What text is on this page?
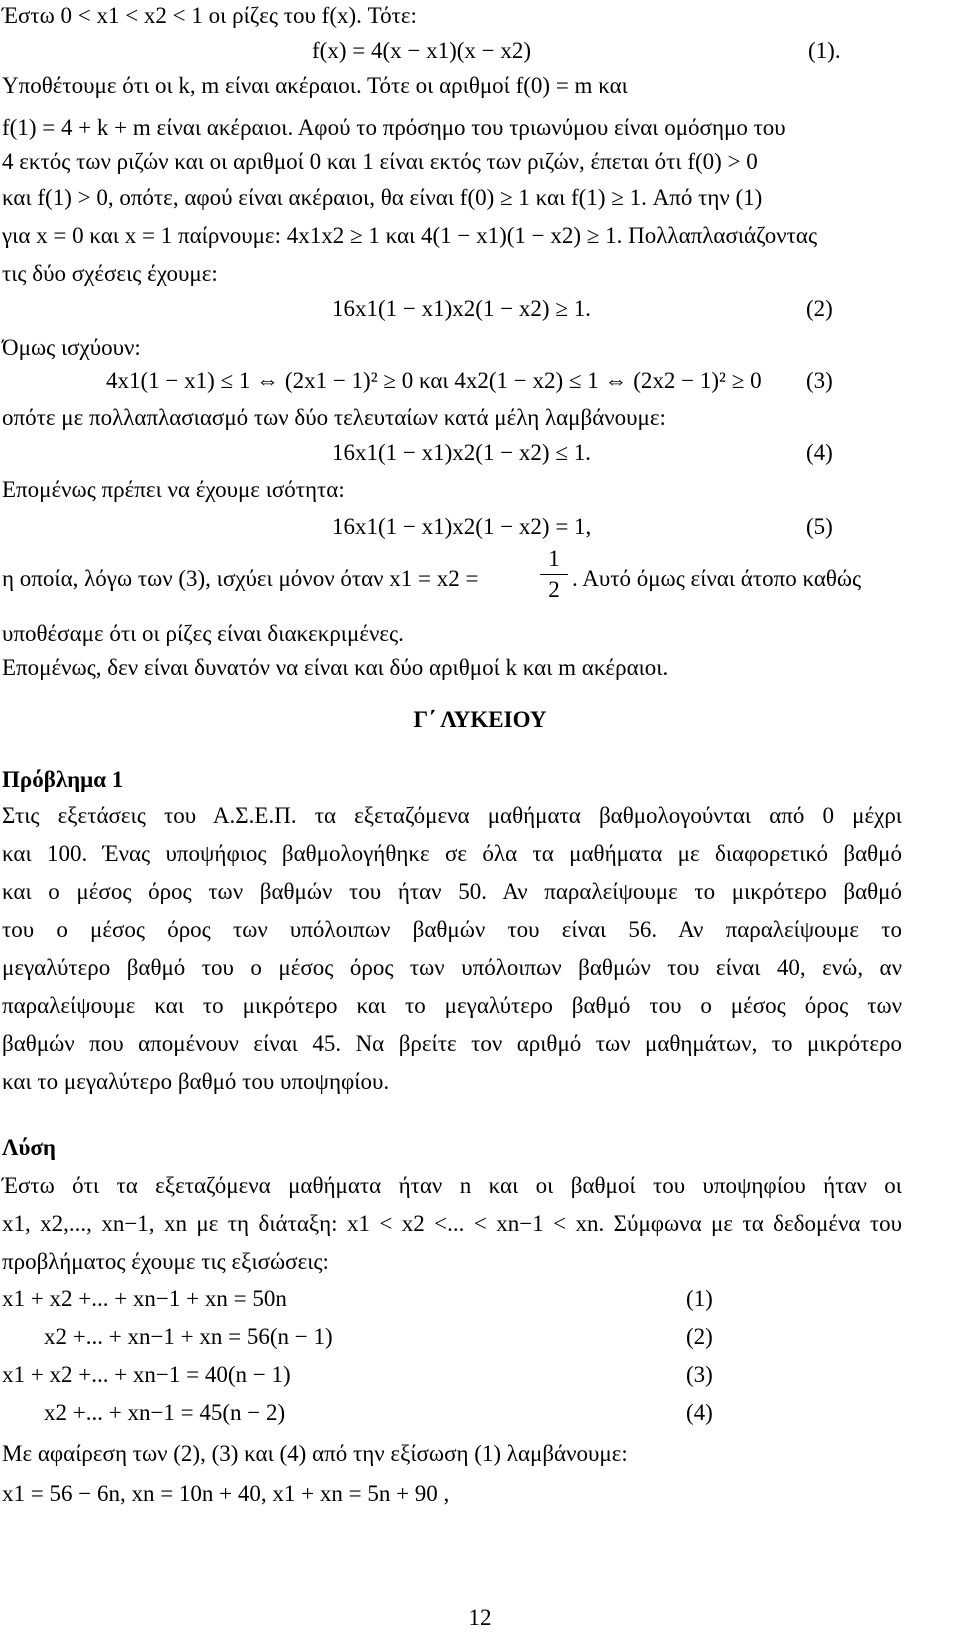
Έστω 0 < x1 < x2 < 1 οι ρίζες του f(x). Τότε:
f(x) = 4(x − x1)(x − x2)	(1).
Υποθέτουμε ότι οι k, m είναι ακέραιοι. Τότε οι αριθμοί f(0) = m και
f(1) = 4 + k + m είναι ακέραιοι. Αφού το πρόσημο του τριωνύμου είναι ομόσημο του
4 εκτός των ριζών και οι αριθμοί 0 και 1 είναι εκτός των ριζών, έπεται ότι f(0) > 0
και f(1) > 0, οπότε, αφού είναι ακέραιοι, θα είναι f(0) ≥ 1 και f(1) ≥ 1. Από την (1)
για x = 0 και x = 1 παίρνουμε: 4x1x2 ≥ 1 και 4(1 − x1)(1 − x2) ≥ 1. Πολλαπλασιάζοντας
τις δύο σχέσεις έχουμε:
16x1(1 − x1)x2(1 − x2) ≥ 1.	(2)
Όμως ισχύουν:
4x1(1 − x1) ≤ 1 ⇔ (2x1 − 1)² ≥ 0 και 4x2(1 − x2) ≤ 1 ⇔ (2x2 − 1)² ≥ 0 (3)
οπότε με πολλαπλασιασμό των δύο τελευταίων κατά μέλη λαμβάνουμε:
16x1(1 − x1)x2(1 − x2) ≤ 1.	(4)
Επομένως πρέπει να έχουμε ισότητα:
16x1(1 − x1)x2(1 − x2) = 1,	(5)
η οποία, λόγω των (3), ισχύει μόνον όταν x1 = x2 =
1
2 . Αυτό όμως είναι άτοπο καθώς
υποθέσαμε ότι οι ρίζες είναι διακεκριμένες.
Επομένως, δεν είναι δυνατόν να είναι και δύο αριθμοί k και m ακέραιοι.
Γ΄ ΛΥΚΕΙΟΥ
Πρόβλημα 1
Στις εξετάσεις του Α.Σ.Ε.Π. τα εξεταζόμενα μαθήματα βαθμολογούνται από 0 μέχρι
και 100. Ένας υποψήφιος βαθμολογήθηκε σε όλα τα μαθήματα με διαφορετικό βαθμό
και ο μέσος όρος των βαθμών του ήταν 50. Αν παραλείψουμε το μικρότερο βαθμό
του ο μέσος όρος των υπόλοιπων βαθμών του είναι 56. Αν παραλείψουμε το
μεγαλύτερο βαθμό του ο μέσος όρος των υπόλοιπων βαθμών του είναι 40, ενώ, αν
παραλείψουμε και το μικρότερο και το μεγαλύτερο βαθμό του ο μέσος όρος των
βαθμών που απομένουν είναι 45. Να βρείτε τον αριθμό των μαθημάτων, το μικρότερο
και το μεγαλύτερο βαθμό του υποψηφίου.
Λύση
Έστω ότι τα εξεταζόμενα μαθήματα ήταν n και οι βαθμοί του υποψηφίου ήταν οι
x1, x2,..., xn−1, xn με τη διάταξη: x1 < x2 <... < xn−1 < xn. Σύμφωνα με τα δεδομένα του
προβλήματος έχουμε τις εξισώσεις:
x1 + x2 +... + xn−1 + xn = 50n	(1)
x2 +... + xn−1 + xn = 56(n − 1)	(2)
x1 + x2 +... + xn−1 = 40(n − 1)	(3)
x2 +... + xn−1 = 45(n − 2)	(4)
Με αφαίρεση των (2), (3) και (4) από την εξίσωση (1) λαμβάνουμε:
x1 = 56 − 6n, xn = 10n + 40, x1 + xn = 5n + 90 ,
12
